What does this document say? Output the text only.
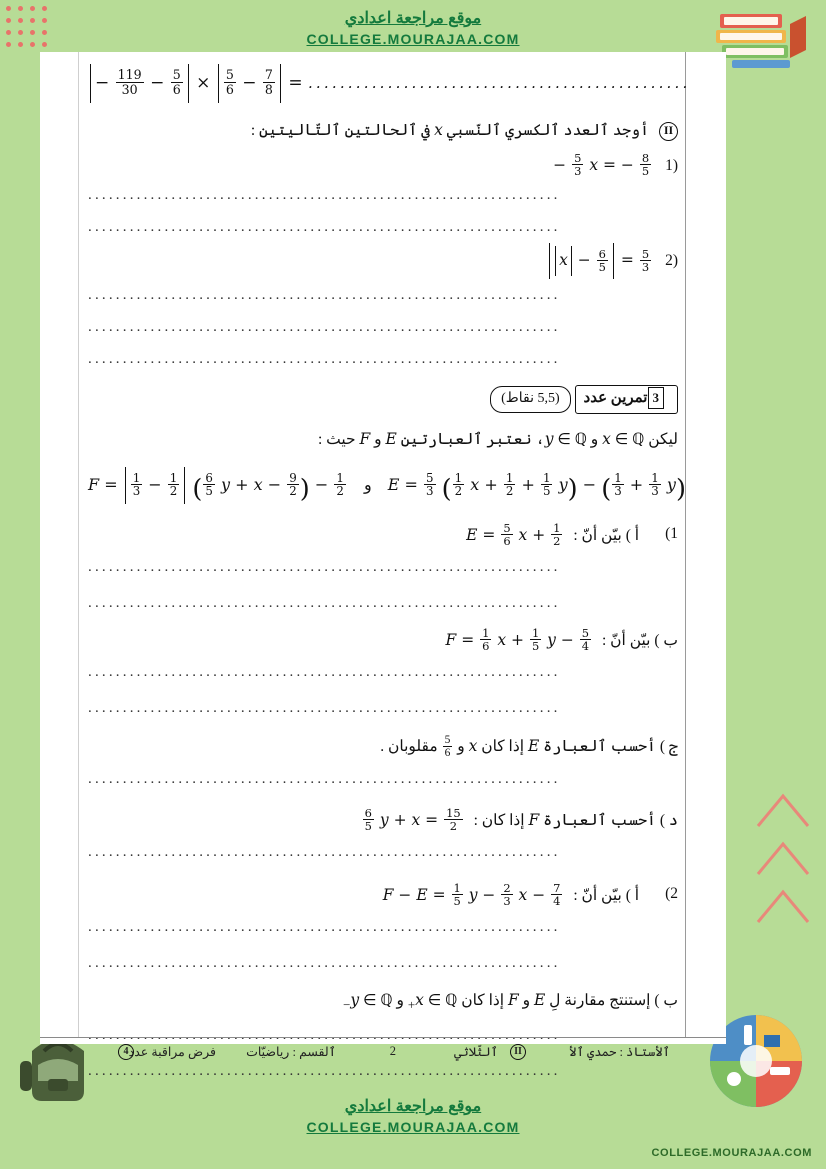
موقع مراجعة اعدادي
COLLEGE.MOURAJAA.COM
− $\frac{119}{30} - \frac{5}{6} \times \frac{5}{6} - \frac{7}{8}$ = ................................................
II أوجد ٱلعدد ٱلكسري ٱلنّسبي x في ٱلحالتين ٱلتّاليتين :
− $\frac{5}{3}$ x = − $\frac{8}{5} 1$)
....................................................................
....................................................................
$x - \frac{6}{5} = \frac{5}{3} 2$)
....................................................................
....................................................................
....................................................................
3تمرين عدد (5,5 نقاط)
ليكن x ∈ ℚ و y ∈ ℚ، نعتبر ٱلعبارتين E و F حيث :
$F = \frac{1}{3} - \frac{1}{2}$ ( $\frac{6}{5}$ $y + x - \frac{9}{2}$ ) − $\frac{1}{2}$ و $E = \frac{5}{3}$ ( $\frac{1}{2}$ $x + \frac{1}{2} + \frac{1}{5} y$) − ( $\frac{1}{3} + \frac{1}{3} y$)
1)
أ ) بيّن أنّ : $E = \frac{5}{6}$ $x + \frac{1}{2}$
....................................................................
....................................................................
ب ) بيّن أنّ : $F = \frac{1}{6}$ $x + \frac{1}{5}$ $y - \frac{5}{4}$
....................................................................
....................................................................
ج ) أحسب ٱلعبارة E إذا كان x و
$\frac{5}{6}$
مقلوبان .
....................................................................
د ) أحسب ٱلعبارة F إذا كان :
$\frac{6}{5}$ $y + x = \frac{15}{2}$
....................................................................
2)
أ ) بيّن أنّ : $F - E = \frac{1}{5}$ $y - \frac{2}{3}$ $x - \frac{7}{4}$
....................................................................
....................................................................
ب ) إستنتج مقارنة لِ E و F إذا كان x ∈ ℚ$_+$ و y ∈ ℚ$_-$
....................................................................
....................................................................
ٱلأستاذ : حمدي ٱلأ
II
ٱلثّلاثي
2
ٱلقسم : رياضيّات
فرض مراقبة عدد
4
موقع مراجعة اعدادي
COLLEGE.MOURAJAA.COM
COLLEGE.MOURAJAA.COM
